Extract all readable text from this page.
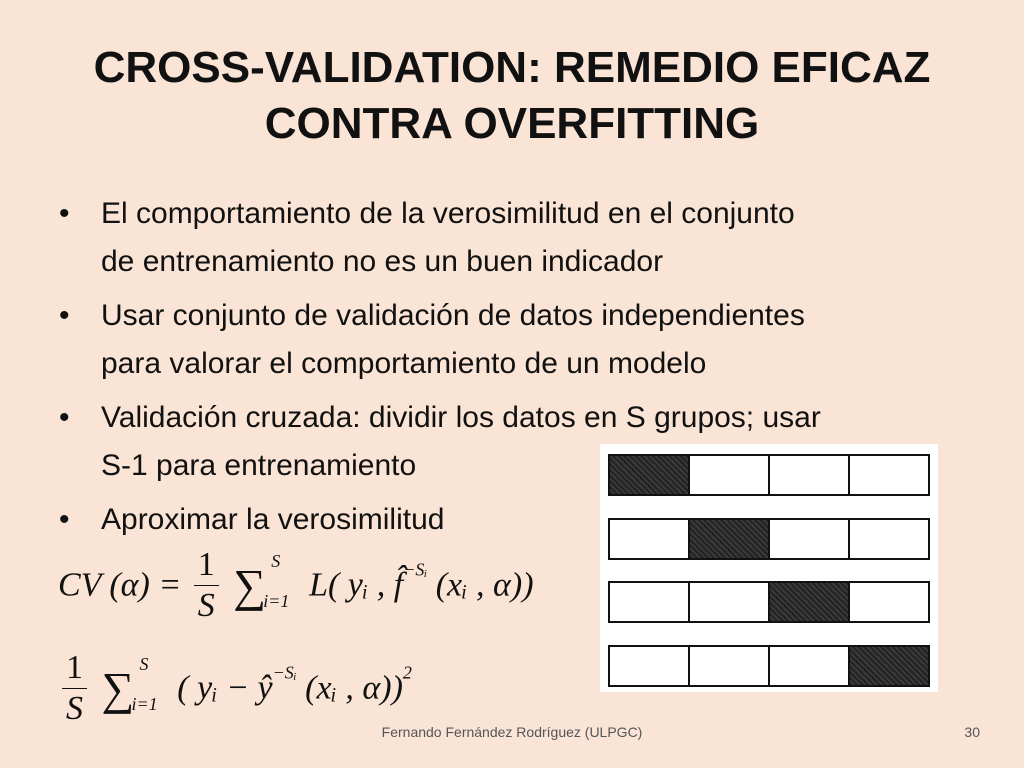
CROSS-VALIDATION: REMEDIO EFICAZ
CONTRA OVERFITTING
• El comportamiento de la verosimilitud en el conjunto
de entrenamiento no es un buen indicador
• Usar conjunto de validación de datos independientes
para valorar el comportamiento de un modelo
• Validación cruzada: dividir los datos en S grupos; usar
S-1 para entrenamiento
• Aproximar la verosimilitud
CV $(\alpha) = \frac{1}{S}$ ∑ S
i=1 L( yᵢ , f̂$^{-Sᵢ}$ (xᵢ , α))
$\frac{1}{S}$ ∑ S
i=1 ( yᵢ − $ŷ^{-Sᵢ}$ (xᵢ , α))$^2$
Fernando Fernández Rodríguez (ULPGC)	30
